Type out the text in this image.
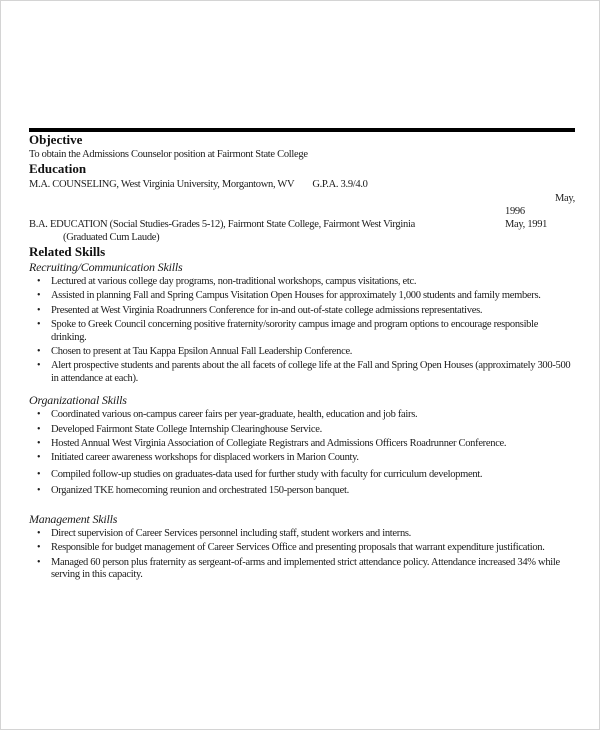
Objective
To obtain the Admissions Counselor position at Fairmont State College
Education
M.A. COUNSELING, West Virginia University, Morgantown, WV G.P.A. 3.9/4.0
May,
1996
B.A. EDUCATION (Social Studies-Grades 5-12), Fairmont State College, Fairmont West Virginia	May, 1991
(Graduated Cum Laude)
Related Skills
Recruiting/Communication Skills
• Lectured at various college day programs, non-traditional workshops, campus visitations, etc.
• Assisted in planning Fall and Spring Campus Visitation Open Houses for approximately 1,000 students and family members.
• Presented at West Virginia Roadrunners Conference for in-and out-of-state college admissions representatives.
• Spoke to Greek Council concerning positive fraternity/sorority campus image and program options to encourage responsible drinking.
• Chosen to present at Tau Kappa Epsilon Annual Fall Leadership Conference.
• Alert prospective students and parents about the all facets of college life at the Fall and Spring Open Houses (approximately 300-500 in attendance at each).
Organizational Skills
• Coordinated various on-campus career fairs per year-graduate, health, education and job fairs.
• Developed Fairmont State College Internship Clearinghouse Service.
• Hosted Annual West Virginia Association of Collegiate Registrars and Admissions Officers Roadrunner Conference.
• Initiated career awareness workshops for displaced workers in Marion County.
• Compiled follow-up studies on graduates-data used for further study with faculty for curriculum development.
• Organized TKE homecoming reunion and orchestrated 150-person banquet.
Management Skills
• Direct supervision of Career Services personnel including staff, student workers and interns.
• Responsible for budget management of Career Services Office and presenting proposals that warrant expenditure justification.
• Managed 60 person plus fraternity as sergeant-of-arms and implemented strict attendance policy. Attendance increased 34% while serving in this capacity.
